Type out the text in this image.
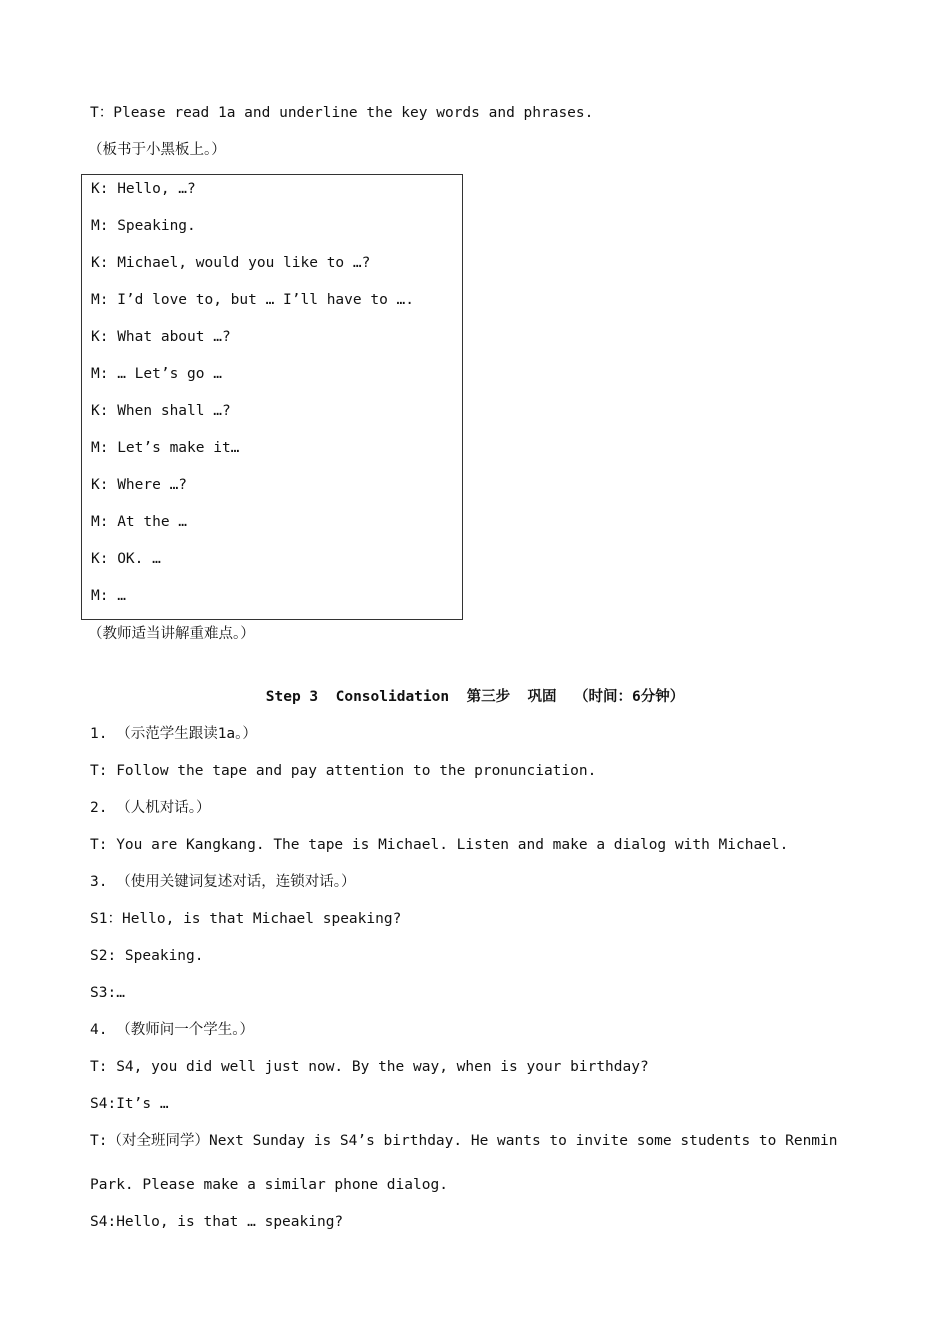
T：Please read 1a and underline the key words and phrases.
（板书于小黑板上。）
K: Hello, …?
M: Speaking.
K: Michael, would you like to …?
M: I’d love to, but … I’ll have to ….
K: What about …?
M: … Let’s go …
K: When shall …?
M: Let’s make it…
K: Where …?
M: At the …
K: OK. …
M: …
（教师适当讲解重难点。）
Step 3  Consolidation  第三步  巩固  （时间：6分钟）
1. （示范学生跟读1a。）
T: Follow the tape and pay attention to the pronunciation.
2. （人机对话。）
T: You are Kangkang. The tape is Michael. Listen and make a dialog with Michael.
3. （使用关键词复述对话，连锁对话。）
S1：Hello, is that Michael speaking?
S2: Speaking.
S3:…
4. （教师问一个学生。）
T: S4, you did well just now. By the way, when is your birthday?
S4:It’s …
T:（对全班同学）Next Sunday is S4’s birthday. He wants to invite some students to Renmin
Park. Please make a similar phone dialog.
S4:Hello, is that … speaking?
